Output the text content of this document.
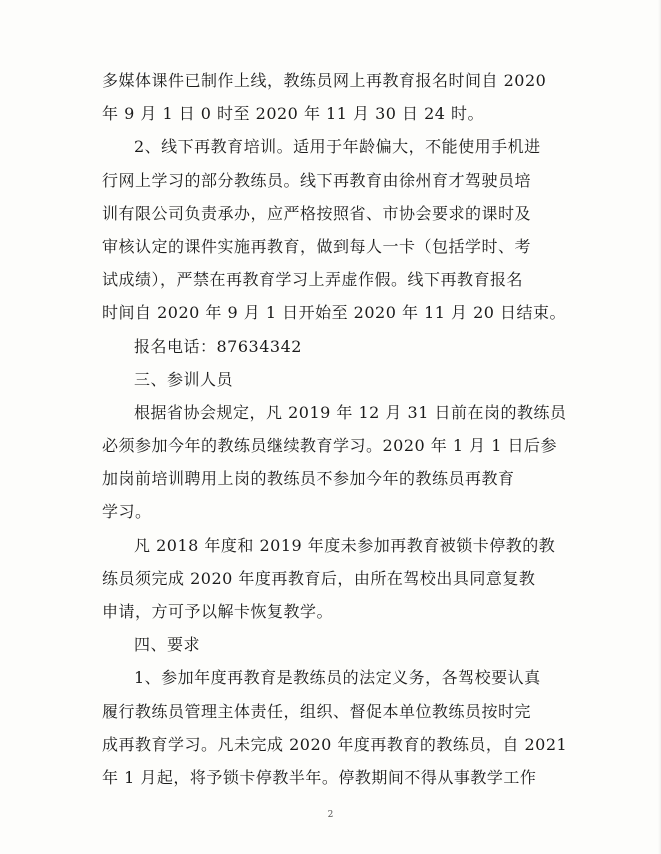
多媒体课件已制作上线，教练员网上再教育报名时间自 2020
年 9 月 1 日 0 时至 2020 年 11 月 30 日 24 时。
2、线下再教育培训。适用于年龄偏大，不能使用手机进
行网上学习的部分教练员。线下再教育由徐州育才驾驶员培
训有限公司负责承办，应严格按照省、市协会要求的课时及
审核认定的课件实施再教育，做到每人一卡（包括学时、考
试成绩），严禁在再教育学习上弄虚作假。线下再教育报名
时间自 2020 年 9 月 1 日开始至 2020 年 11 月 20 日结束。
报名电话：87634342
三、参训人员
根据省协会规定，凡 2019 年 12 月 31 日前在岗的教练员
必须参加今年的教练员继续教育学习。2020 年 1 月 1 日后参
加岗前培训聘用上岗的教练员不参加今年的教练员再教育
学习。
凡 2018 年度和 2019 年度未参加再教育被锁卡停教的教
练员须完成 2020 年度再教育后，由所在驾校出具同意复教
申请，方可予以解卡恢复教学。
四、要求
1、参加年度再教育是教练员的法定义务，各驾校要认真
履行教练员管理主体责任，组织、督促本单位教练员按时完
成再教育学习。凡未完成 2020 年度再教育的教练员，自 2021
年 1 月起，将予锁卡停教半年。停教期间不得从事教学工作
2
